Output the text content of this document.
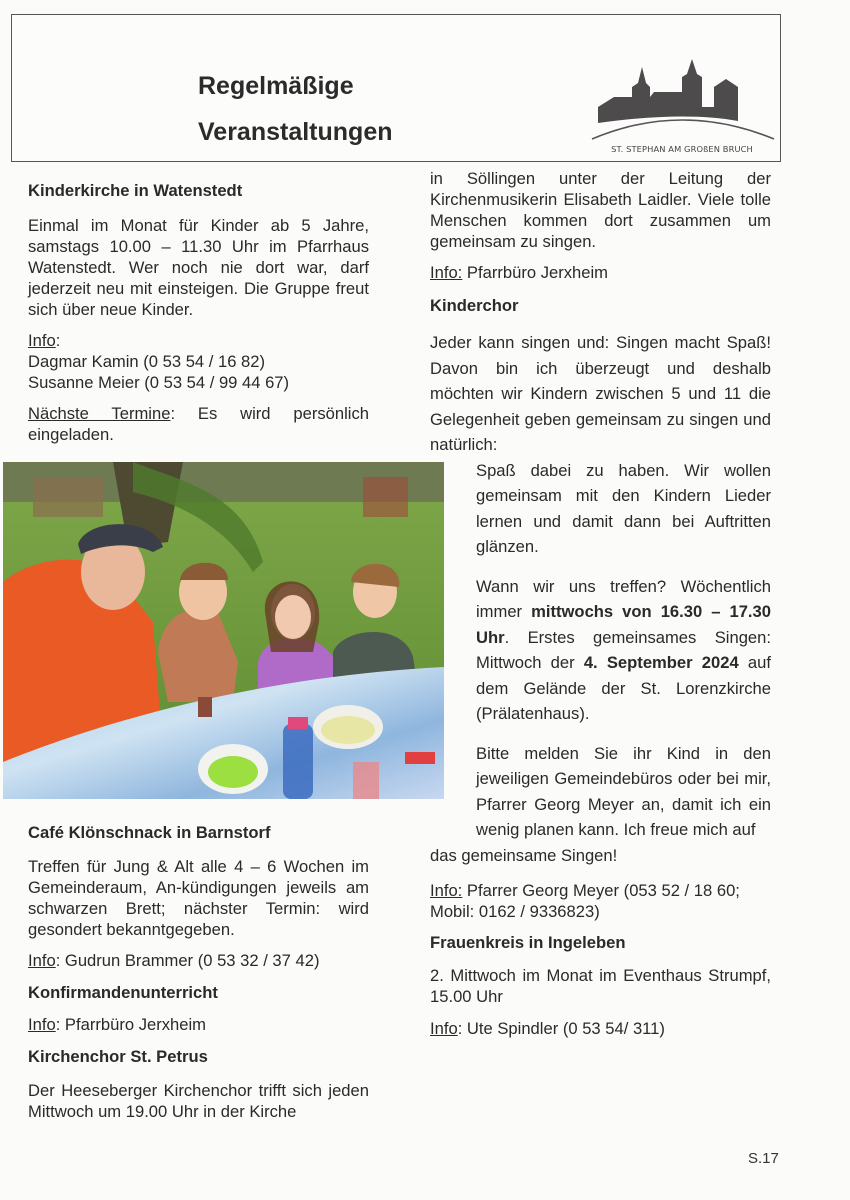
Regelmäßige
Veranstaltungen
ST. STEPHAN AM GROßEN BRUCH
Kinderkirche in Watenstedt

Einmal im Monat für Kinder ab 5 Jahre, samstags 10.00 – 11.30 Uhr im Pfarrhaus Watenstedt. Wer noch nie dort war, darf jederzeit neu mit einsteigen. Die Gruppe freut sich über neue Kinder.

Info:
Dagmar Kamin (0 53 54 / 16 82)
Susanne Meier (0 53 54 / 99 44 67)

Nächste Termine: Es wird persönlich eingeladen.

Café Klönschnack in Barnstorf

Treffen für Jung & Alt alle 4 – 6 Wochen im Gemeinderaum, An-kündigungen jeweils am schwarzen Brett; nächster Termin: wird gesondert bekanntgegeben.

Info: Gudrun Brammer (0 53 32 / 37 42)

Konfirmandenunterricht

Info: Pfarrbüro Jerxheim

Kirchenchor St. Petrus

Der Heeseberger Kirchenchor trifft sich jeden Mittwoch um 19.00 Uhr in der Kirche

in Söllingen unter der Leitung der Kirchenmusikerin Elisabeth Laidler. Viele tolle Menschen kommen dort zusammen um gemeinsam zu singen.

Info: Pfarrbüro Jerxheim

Kinderchor

Jeder kann singen und: Singen macht Spaß! Davon bin ich überzeugt und deshalb möchten wir Kindern zwischen 5 und 11 die Gelegenheit geben gemeinsam zu singen und natürlich:

Spaß dabei zu haben. Wir wollen gemeinsam mit den Kindern Lieder lernen und damit dann bei Auftritten glänzen.

Wann wir uns treffen? Wöchentlich immer mittwochs von 16.30 – 17.30 Uhr. Erstes gemeinsames Singen: Mittwoch der 4. September 2024 auf dem Gelände der St. Lorenzkirche (Prälatenhaus).

Bitte melden Sie ihr Kind in den jeweiligen Gemeindebüros oder bei mir, Pfarrer Georg Meyer an, damit ich ein wenig planen kann. Ich freue mich auf

das gemeinsame Singen!

Info: Pfarrer Georg Meyer (053 52 / 18 60; Mobil: 0162 / 9336823)

Frauenkreis in Ingeleben

2. Mittwoch im Monat im Eventhaus Strumpf, 15.00 Uhr

Info: Ute Spindler (0 53 54/ 311)

S.17
